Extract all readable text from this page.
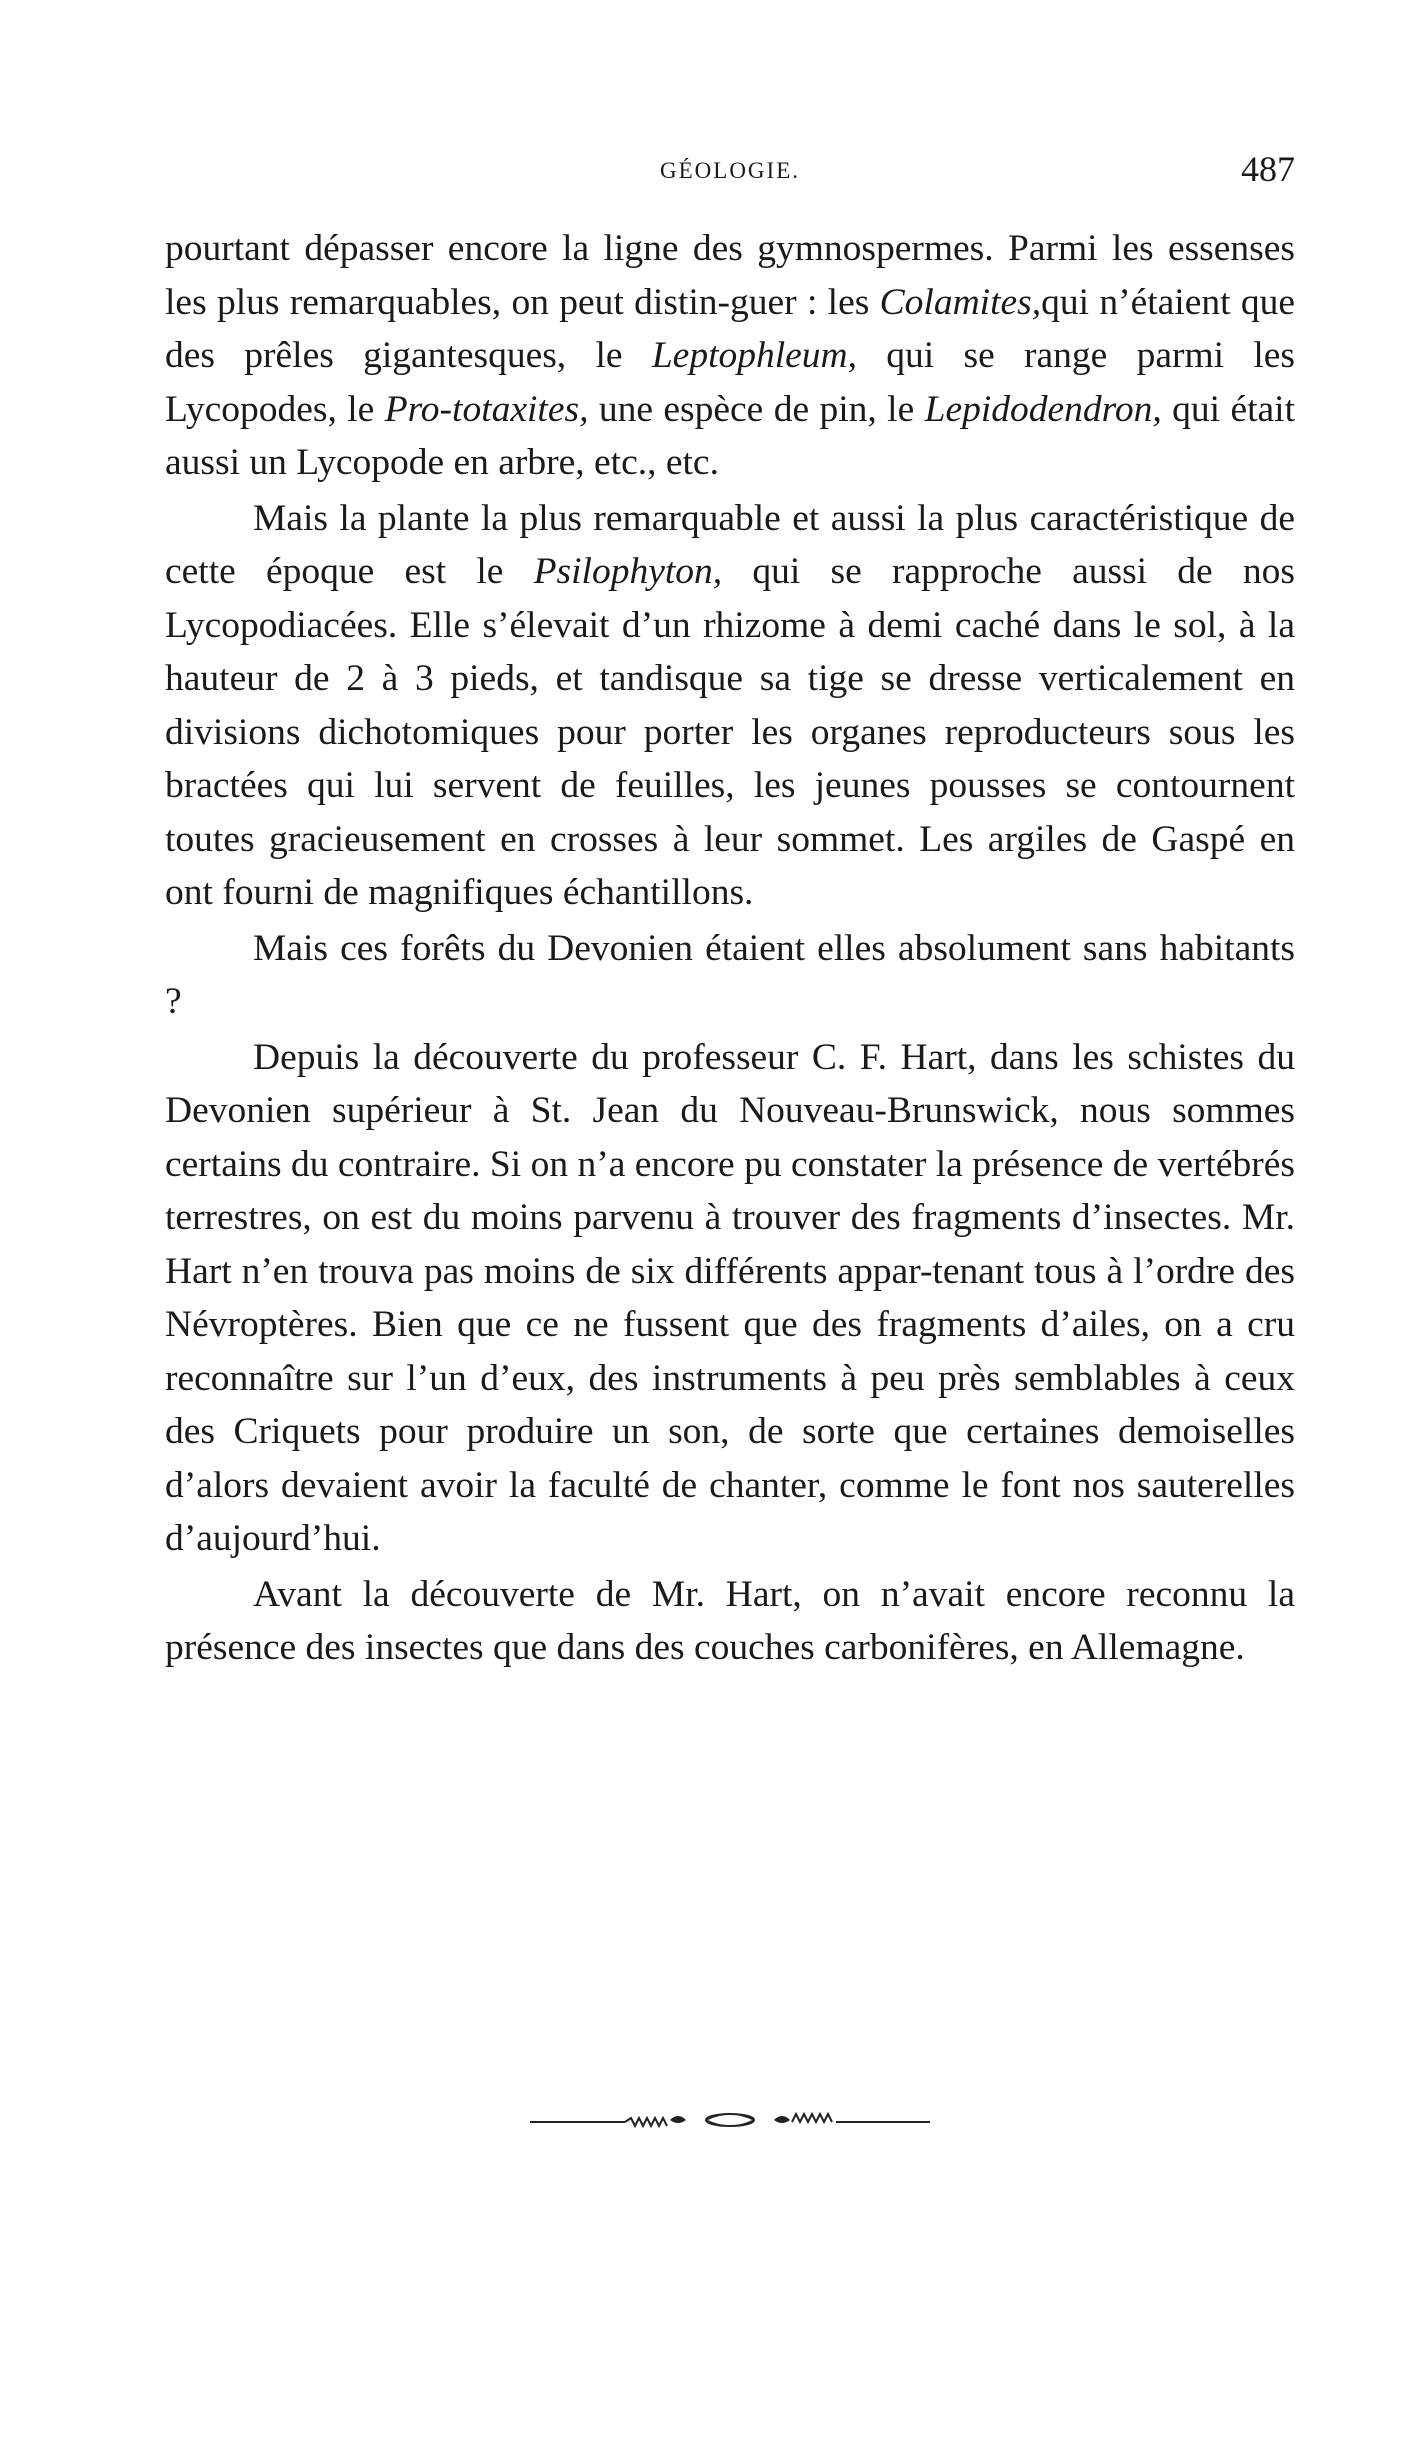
GÉOLOGIE.	487

pourtant dépasser encore la ligne des gymnospermes. Parmi les essenses les plus remarquables, on peut distin-guer : les Colamites,qui n’étaient que des prêles gigantesques, le Leptophleum, qui se range parmi les Lycopodes, le Pro-totaxites, une espèce de pin, le Lepidodendron, qui était aussi un Lycopode en arbre, etc., etc.

Mais la plante la plus remarquable et aussi la plus caractéristique de cette époque est le Psilophyton, qui se rapproche aussi de nos Lycopodiacées. Elle s’élevait d’un rhizome à demi caché dans le sol, à la hauteur de 2 à 3 pieds, et tandisque sa tige se dresse verticalement en divisions dichotomiques pour porter les organes reproducteurs sous les bractées qui lui servent de feuilles, les jeunes pousses se contournent toutes gracieusement en crosses à leur sommet. Les argiles de Gaspé en ont fourni de magnifiques échantillons.

Mais ces forêts du Devonien étaient elles absolument sans habitants ?

Depuis la découverte du professeur C. F. Hart, dans les schistes du Devonien supérieur à St. Jean du Nouveau-Brunswick, nous sommes certains du contraire. Si on n’a encore pu constater la présence de vertébrés terrestres, on est du moins parvenu à trouver des fragments d’insectes. Mr. Hart n’en trouva pas moins de six différents appar-tenant tous à l’ordre des Névroptères. Bien que ce ne fussent que des fragments d’ailes, on a cru reconnaître sur l’un d’eux, des instruments à peu près semblables à ceux des Criquets pour produire un son, de sorte que certaines demoiselles d’alors devaient avoir la faculté de chanter, comme le font nos sauterelles d’aujourd’hui.

Avant la découverte de Mr. Hart, on n’avait encore reconnu la présence des insectes que dans des couches carbonifères, en Allemagne.
